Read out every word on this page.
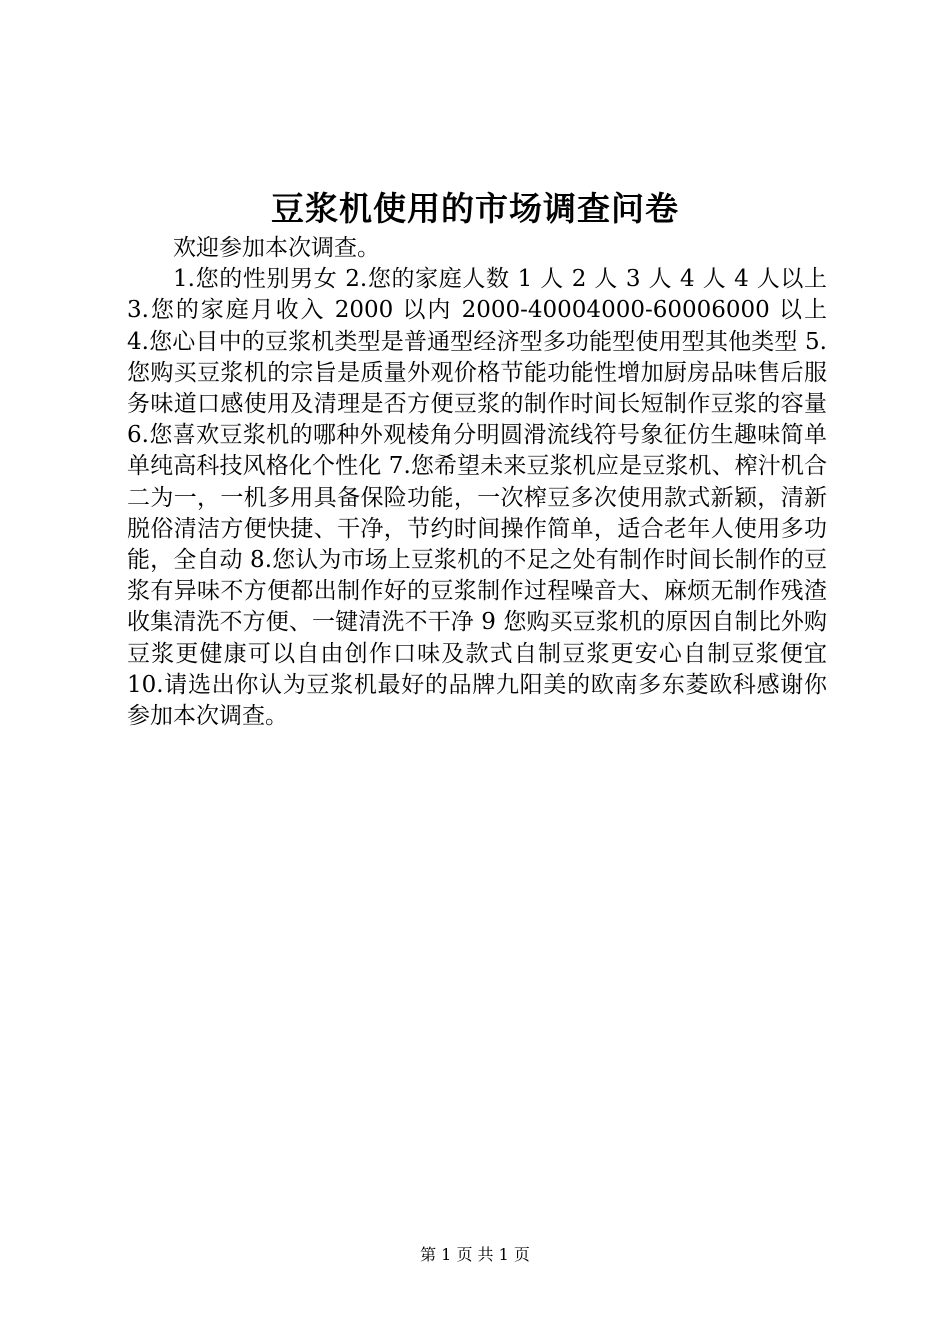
豆浆机使用的市场调查问卷

欢迎参加本次调查。

1.您的性别男女 2.您的家庭人数 1 人 2 人 3 人 4 人 4 人以上 3.您的家庭月收入 2000 以内 2000-40004000-60006000 以上 4.您心目中的豆浆机类型是普通型经济型多功能型使用型其他类型 5.您购买豆浆机的宗旨是质量外观价格节能功能性增加厨房品味售后服务味道口感使用及清理是否方便豆浆的制作时间长短制作豆浆的容量 6.您喜欢豆浆机的哪种外观棱角分明圆滑流线符号象征仿生趣味简单单纯高科技风格化个性化 7.您希望未来豆浆机应是豆浆机、榨汁机合二为一，一机多用具备保险功能，一次榨豆多次使用款式新颖，清新脱俗清洁方便快捷、干净，节约时间操作简单，适合老年人使用多功能，全自动 8.您认为市场上豆浆机的不足之处有制作时间长制作的豆浆有异味不方便都出制作好的豆浆制作过程噪音大、麻烦无制作残渣收集清洗不方便、一键清洗不干净 9 您购买豆浆机的原因自制比外购豆浆更健康可以自由创作口味及款式自制豆浆更安心自制豆浆便宜 10.请选出你认为豆浆机最好的品牌九阳美的欧南多东菱欧科感谢你参加本次调查。

第 1 页 共 1 页
